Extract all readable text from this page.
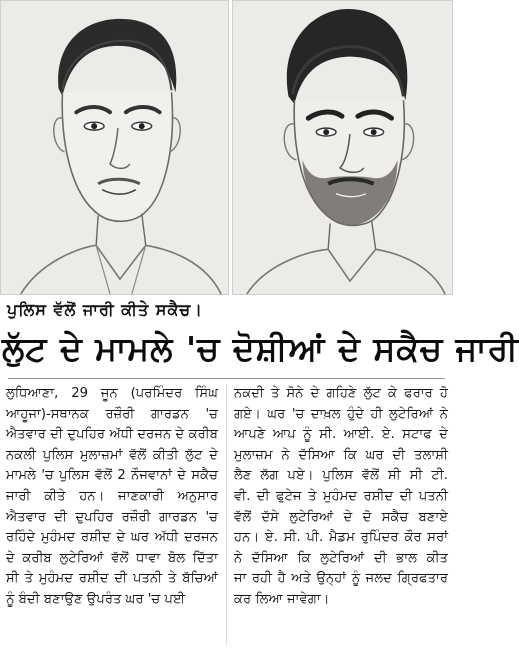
ਪੁਲਿਸ ਵੱਲੋਂ ਜਾਰੀ ਕੀਤੇ ਸਕੈਚ।
ਲੁੱਟ ਦੇ ਮਾਮਲੇ 'ਚ ਦੋਸ਼ੀਆਂ ਦੇ ਸਕੈਚ ਜਾਰੀ
ਲੁਧਿਆਣਾ, 29 ਜੂਨ (ਪਰਮਿੰਦਰ ਸਿੰਘ
ਆਹੂਜਾ)-ਸਥਾਨਕ ਰਜ਼ੌਰੀ ਗਾਰਡਨ 'ਚ
ਐਤਵਾਰ ਦੀ ਦੁਪਹਿਰ ਅੱਧੀ ਦਰਜਨ ਦੇ ਕਰੀਬ
ਨਕਲੀ ਪੁਲਿਸ ਮੁਲਾਜ਼ਮਾਂ ਵੱਲੋਂ ਕੀਤੀ ਲੁੱਟ ਦੇ
ਮਾਮਲੇ 'ਚ ਪੁਲਿਸ ਵੱਲੋਂ 2 ਨੌਜਵਾਨਾਂ ਦੇ ਸਕੈਚ
ਜਾਰੀ ਕੀਤੇ ਹਨ। ਜਾਣਕਾਰੀ ਅਨੁਸਾਰ
ਐਤਵਾਰ ਦੀ ਦੁਪਹਿਰ ਰਜ਼ੌਰੀ ਗਾਰਡਨ 'ਚ
ਰਹਿੰਦੇ ਮੁਹੰਮਦ ਰਸ਼ੀਦ ਦੇ ਘਰ ਅੱਧੀ ਦਰਜਨ
ਦੇ ਕਰੀਬ ਲੁਟੇਰਿਆਂ ਵੱਲੋਂ ਧਾਵਾ ਬੋਲ ਦਿੱਤਾ
ਸੀ ਤੇ ਮੁਹੰਮਦ ਰਸ਼ੀਦ ਦੀ ਪਤਨੀ ਤੇ ਬੱਚਿਆਂ
ਨੂੰ ਬੰਦੀ ਬਣਾਉਣ ਉਪਰੰਤ ਘਰ 'ਚ ਪਈ
ਨਕਦੀ ਤੇ ਸੋਨੇ ਦੇ ਗਹਿਣੇ ਲੁੱਟ ਕੇ ਫਰਾਰ ਹੋ
ਗਏ। ਘਰ 'ਚ ਦਾਖ਼ਲ ਹੁੰਦੇ ਹੀ ਲੁਟੇਰਿਆਂ ਨੇ
ਆਪਣੇ ਆਪ ਨੂੰ ਸੀ. ਆਈ. ਏ. ਸਟਾਫ ਦੇ
ਮੁਲਾਜ਼ਮ ਨੇ ਦੱਸਿਆ ਕਿ ਘਰ ਦੀ ਤਲਾਸ਼ੀ
ਲੈਣ ਲੱਗ ਪਏ। ਪੁਲਿਸ ਵੱਲੋਂ ਸੀ ਸੀ ਟੀ.
ਵੀ. ਦੀ ਫੁਟੇਜ ਤੇ ਮੁਹੰਮਦ ਰਸ਼ੀਦ ਦੀ ਪਤਨੀ
ਵੱਲੋਂ ਦੱਸੇ ਲੁਟੇਰਿਆਂ ਦੇ ਦੋ ਸਕੈਚ ਬਣਾਏ
ਹਨ। ਏ. ਸੀ. ਪੀ. ਮੈਡਮ ਰੁਪਿੰਦਰ ਕੌਰ ਸਰਾਂ
ਨੇ ਦੱਸਿਆ ਕਿ ਲੁਟੇਰਿਆਂ ਦੀ ਭਾਲ ਕੀਤ
ਜਾ ਰਹੀ ਹੈ ਅਤੇ ਉਨ੍ਹਾਂ ਨੂੰ ਜਲਦ ਗ੍ਰਿਫਤਾਰ
ਕਰ ਲਿਆ ਜਾਵੇਗਾ।
